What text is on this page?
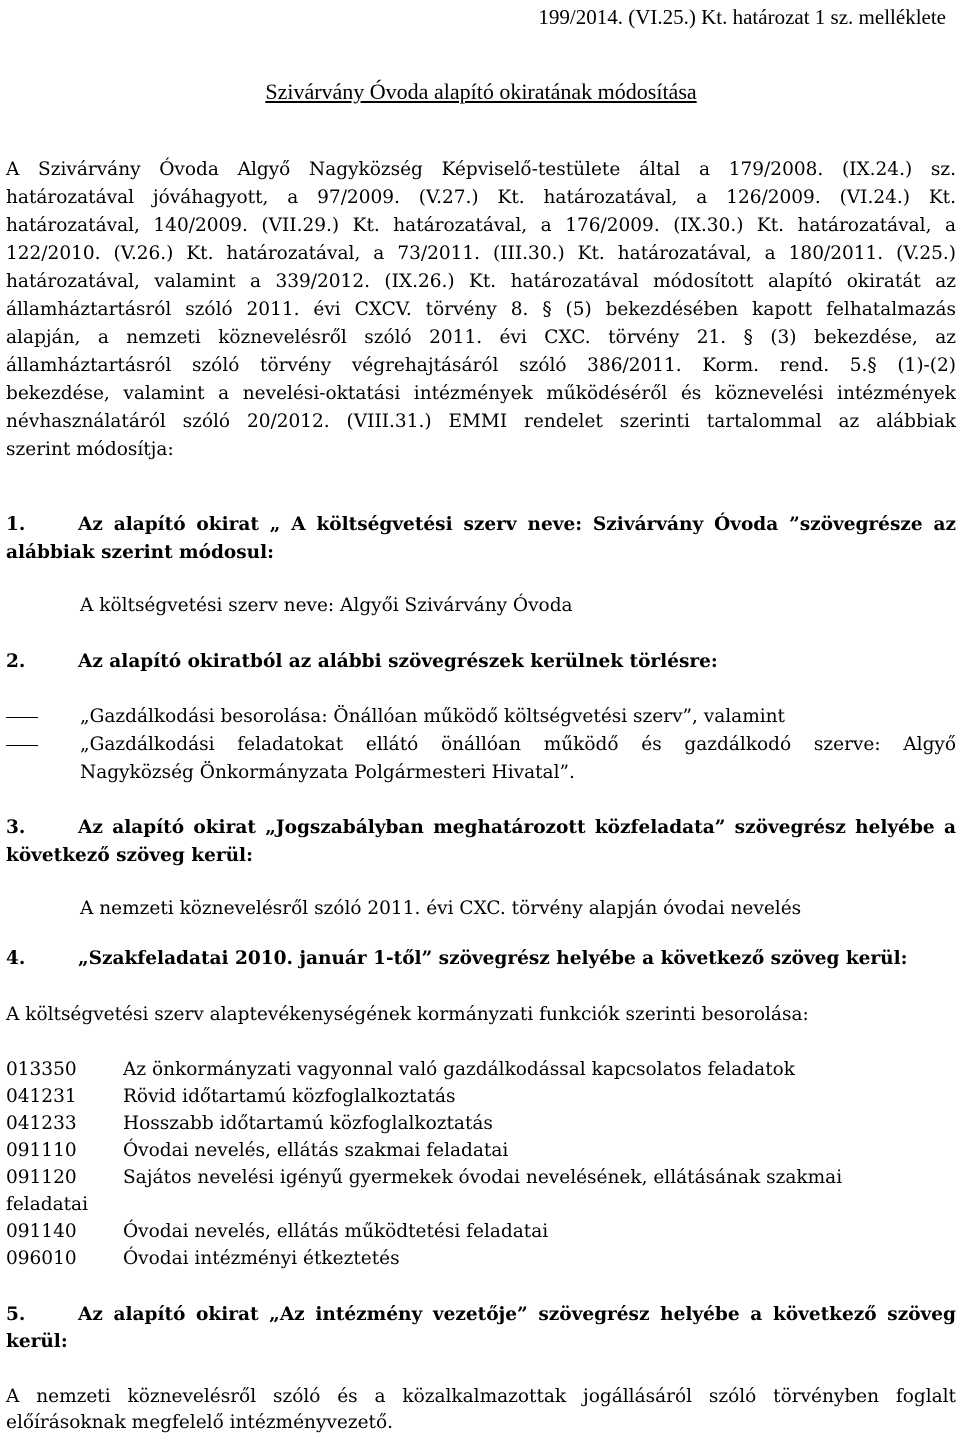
199/2014. (VI.25.) Kt. határozat 1 sz. melléklete
Szivárvány Óvoda alapító okiratának módosítása
A Szivárvány Óvoda Algyő Nagyközség Képviselő-testülete által a 179/2008. (IX.24.) sz.
határozatával jóváhagyott, a 97/2009. (V.27.) Kt. határozatával, a 126/2009. (VI.24.) Kt.
határozatával, 140/2009. (VII.29.) Kt. határozatával, a 176/2009. (IX.30.) Kt. határozatával, a
122/2010. (V.26.) Kt. határozatával, a 73/2011. (III.30.) Kt. határozatával, a 180/2011. (V.25.)
határozatával, valamint a 339/2012. (IX.26.) Kt. határozatával módosított alapító okiratát az
államháztartásról szóló 2011. évi CXCV. törvény 8. § (5) bekezdésében kapott felhatalmazás
alapján, a nemzeti köznevelésről szóló 2011. évi CXC. törvény 21. § (3) bekezdése, az
államháztartásról szóló törvény végrehajtásáról szóló 386/2011. Korm. rend. 5.§ (1)-(2)
bekezdése, valamint a nevelési-oktatási intézmények működéséről és köznevelési intézmények
névhasználatáról szóló 20/2012. (VIII.31.) EMMI rendelet szerinti tartalommal az alábbiak
szerint módosítja:
1.	Az alapító okirat „ A költségvetési szerv neve: Szivárvány Óvoda ”szövegrésze az
alábbiak szerint módosul:
A költségvetési szerv neve: Algyői Szivárvány Óvoda
2.	Az alapító okiratból az alábbi szövegrészek kerülnek törlésre:
„Gazdálkodási besorolása: Önállóan működő költségvetési szerv”, valamint
„Gazdálkodási feladatokat ellátó önállóan működő és gazdálkodó szerve: Algyő
Nagyközség Önkormányzata Polgármesteri Hivatal”.
3.	Az alapító okirat „Jogszabályban meghatározott közfeladata” szövegrész helyébe a
következő szöveg kerül:
A nemzeti köznevelésről szóló 2011. évi CXC. törvény alapján óvodai nevelés
4.	„Szakfeladatai 2010. január 1-től” szövegrész helyébe a következő szöveg kerül:
A költségvetési szerv alaptevékenységének kormányzati funkciók szerinti besorolása:
013350	Az önkormányzati vagyonnal való gazdálkodással kapcsolatos feladatok
041231	Rövid időtartamú közfoglalkoztatás
041233	Hosszabb időtartamú közfoglalkoztatás
091110	Óvodai nevelés, ellátás szakmai feladatai
091120	Sajátos nevelési igényű gyermekek óvodai nevelésének, ellátásának szakmai
feladatai
091140	Óvodai nevelés, ellátás működtetési feladatai
096010	Óvodai intézményi étkeztetés
5.	Az alapító okirat „Az intézmény vezetője” szövegrész helyébe a következő szöveg
kerül:
A nemzeti köznevelésről szóló és a közalkalmazottak jogállásáról szóló törvényben foglalt
előírásoknak megfelelő intézményvezető.
